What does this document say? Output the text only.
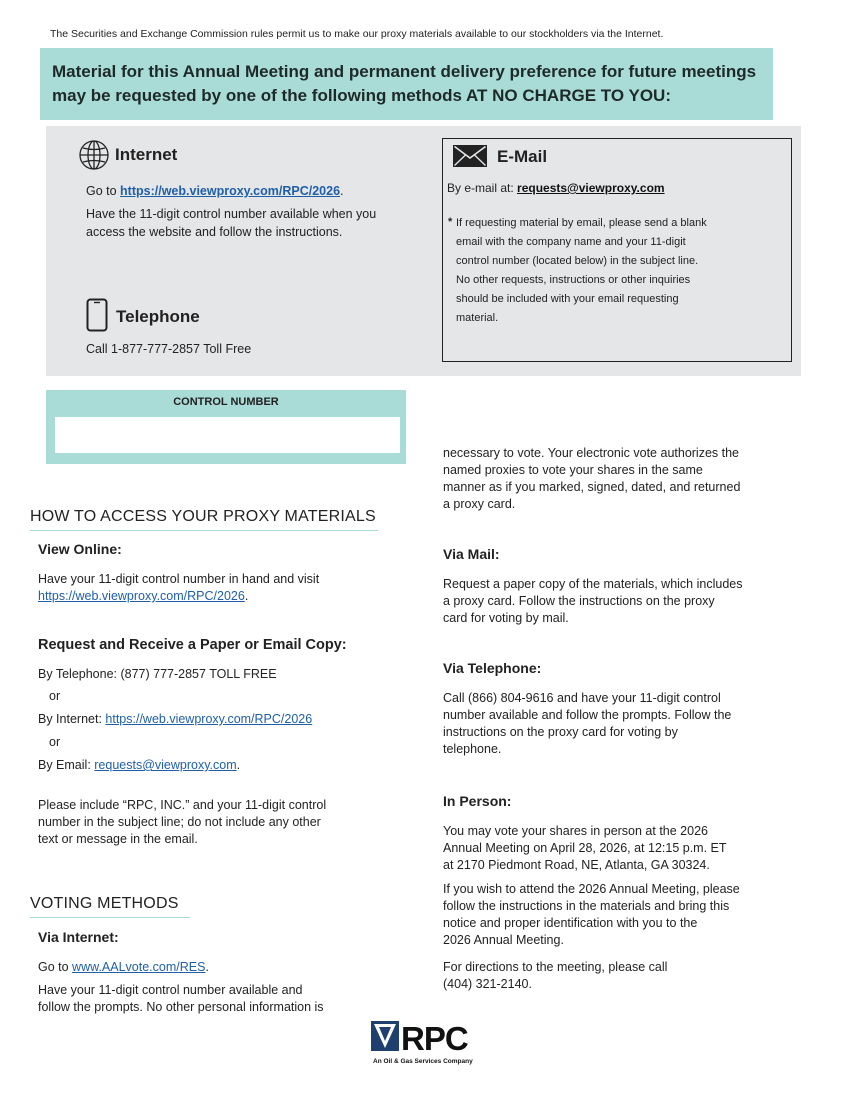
The Securities and Exchange Commission rules permit us to make our proxy materials available to our stockholders via the Internet.
Material for this Annual Meeting and permanent delivery preference for future meetings
may be requested by one of the following methods AT NO CHARGE TO YOU:
Internet
Go to https://web.viewproxy.com/RPC/2026.
Have the 11-digit control number available when you
access the website and follow the instructions.
Telephone
Call 1-877-777-2857 Toll Free
E-Mail
By e-mail at: requests@viewproxy.com
* If requesting material by email, please send a blank
email with the company name and your 11-digit
control number (located below) in the subject line.
No other requests, instructions or other inquiries
should be included with your email requesting
material.
CONTROL NUMBER
HOW TO ACCESS YOUR PROXY MATERIALS
View Online:
Have your 11-digit control number in hand and visit
https://web.viewproxy.com/RPC/2026.
Request and Receive a Paper or Email Copy:
By Telephone: (877) 777-2857 TOLL FREE
or
By Internet: https://web.viewproxy.com/RPC/2026
or
By Email: requests@viewproxy.com.
Please include “RPC, INC.” and your 11-digit control
number in the subject line; do not include any other
text or message in the email.
VOTING METHODS
Via Internet:
Go to www.AALvote.com/RES.
Have your 11-digit control number available and
follow the prompts. No other personal information is
necessary to vote. Your electronic vote authorizes the
named proxies to vote your shares in the same
manner as if you marked, signed, dated, and returned
a proxy card.
Via Mail:
Request a paper copy of the materials, which includes
a proxy card. Follow the instructions on the proxy
card for voting by mail.
Via Telephone:
Call (866) 804-9616 and have your 11-digit control
number available and follow the prompts. Follow the
instructions on the proxy card for voting by
telephone.
In Person:
You may vote your shares in person at the 2026
Annual Meeting on April 28, 2026, at 12:15 p.m. ET
at 2170 Piedmont Road, NE, Atlanta, GA 30324.
If you wish to attend the 2026 Annual Meeting, please
follow the instructions in the materials and bring this
notice and proper identification with you to the
2026 Annual Meeting.
For directions to the meeting, please call
(404) 321-2140.
RPC
An Oil & Gas Services Company
